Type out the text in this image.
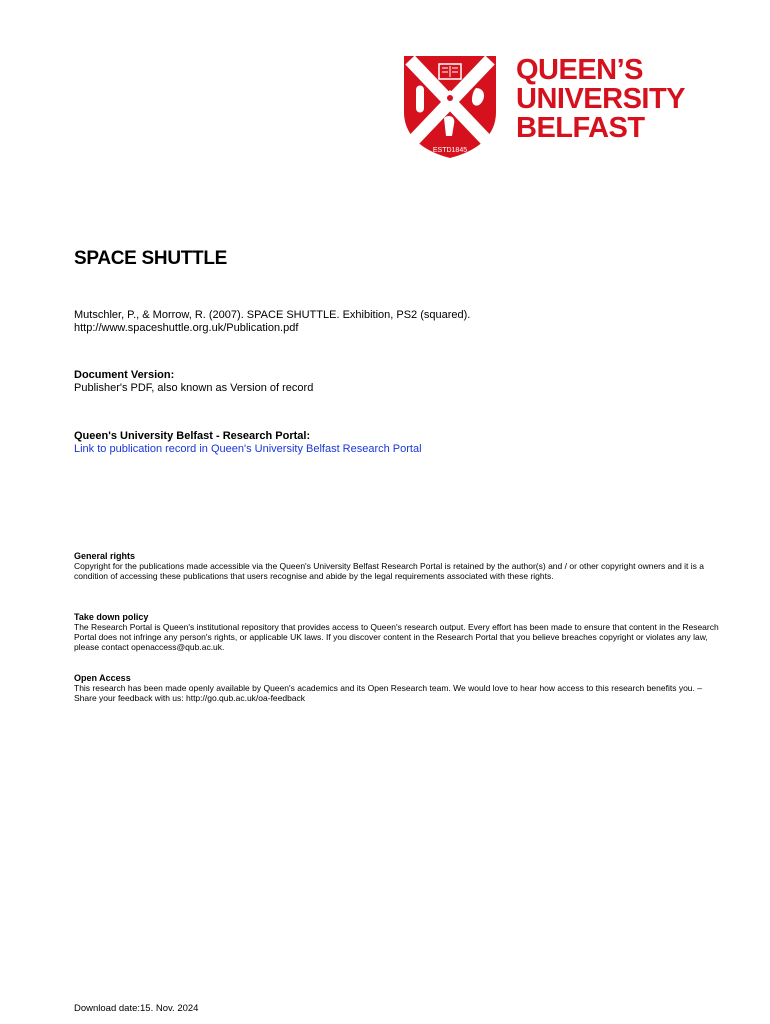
ESTD1845
QUEEN’S
UNIVERSITY
BELFAST
SPACE SHUTTLE
Mutschler, P., & Morrow, R. (2007). SPACE SHUTTLE. Exhibition, PS2 (squared).
http://www.spaceshuttle.org.uk/Publication.pdf
Document Version:
Publisher's PDF, also known as Version of record
Queen's University Belfast - Research Portal:
Link to publication record in Queen's University Belfast Research Portal
General rights
Copyright for the publications made accessible via the Queen's University Belfast Research Portal is retained by the author(s) and / or other copyright owners and it is a condition of accessing these publications that users recognise and abide by the legal requirements associated with these rights.
Take down policy
The Research Portal is Queen's institutional repository that provides access to Queen's research output. Every effort has been made to ensure that content in the Research Portal does not infringe any person's rights, or applicable UK laws. If you discover content in the Research Portal that you believe breaches copyright or violates any law, please contact openaccess@qub.ac.uk.
Open Access
This research has been made openly available by Queen's academics and its Open Research team. We would love to hear how access to this research benefits you. – Share your feedback with us: http://go.qub.ac.uk/oa-feedback
Download date:15. Nov. 2024
